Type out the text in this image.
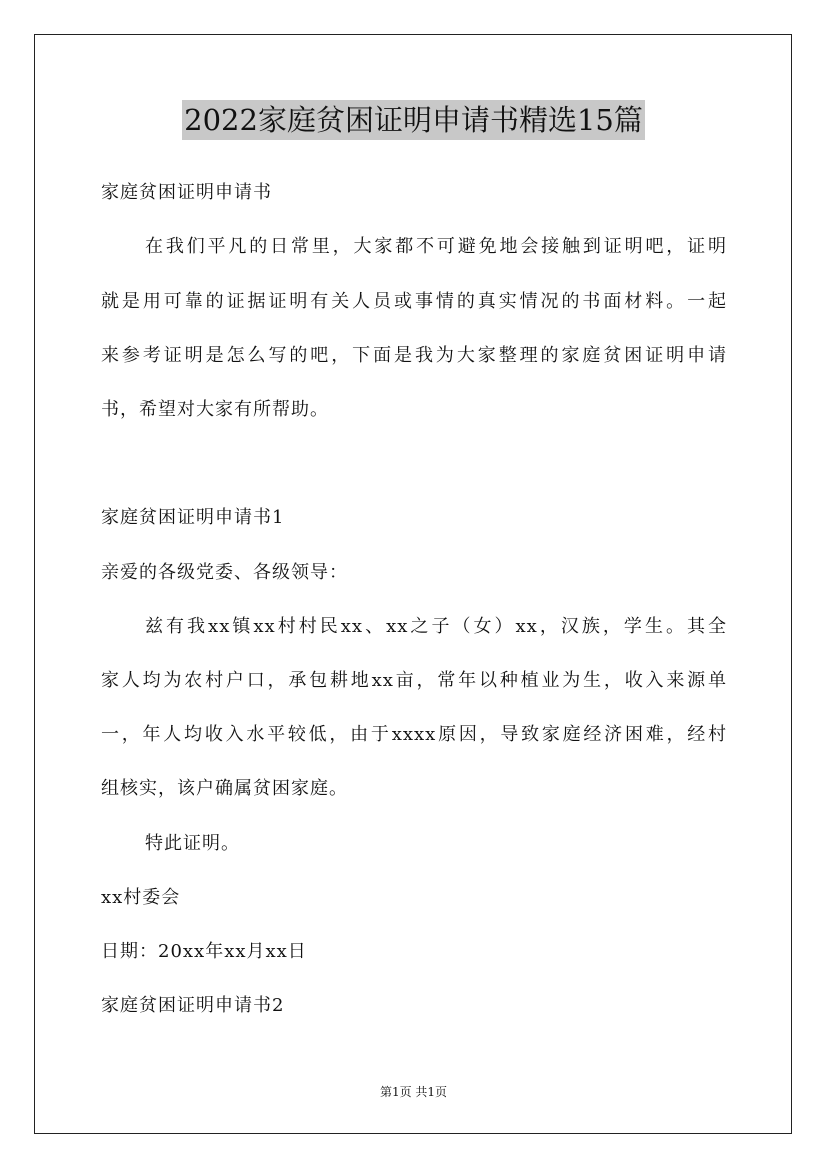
2022家庭贫困证明申请书精选15篇
家庭贫困证明申请书
在我们平凡的日常里，大家都不可避免地会接触到证明吧，证明
就是用可靠的证据证明有关人员或事情的真实情况的书面材料。一起
来参考证明是怎么写的吧，下面是我为大家整理的家庭贫困证明申请
书，希望对大家有所帮助。
家庭贫困证明申请书1
亲爱的各级党委、各级领导：
兹有我xx镇xx村村民xx、xx之子（女）xx，汉族，学生。其全
家人均为农村户口，承包耕地xx亩，常年以种植业为生，收入来源单
一，年人均收入水平较低，由于xxxx原因，导致家庭经济困难，经村
组核实，该户确属贫困家庭。
特此证明。
xx村委会
日期：20xx年xx月xx日
家庭贫困证明申请书2
第1页 共1页
